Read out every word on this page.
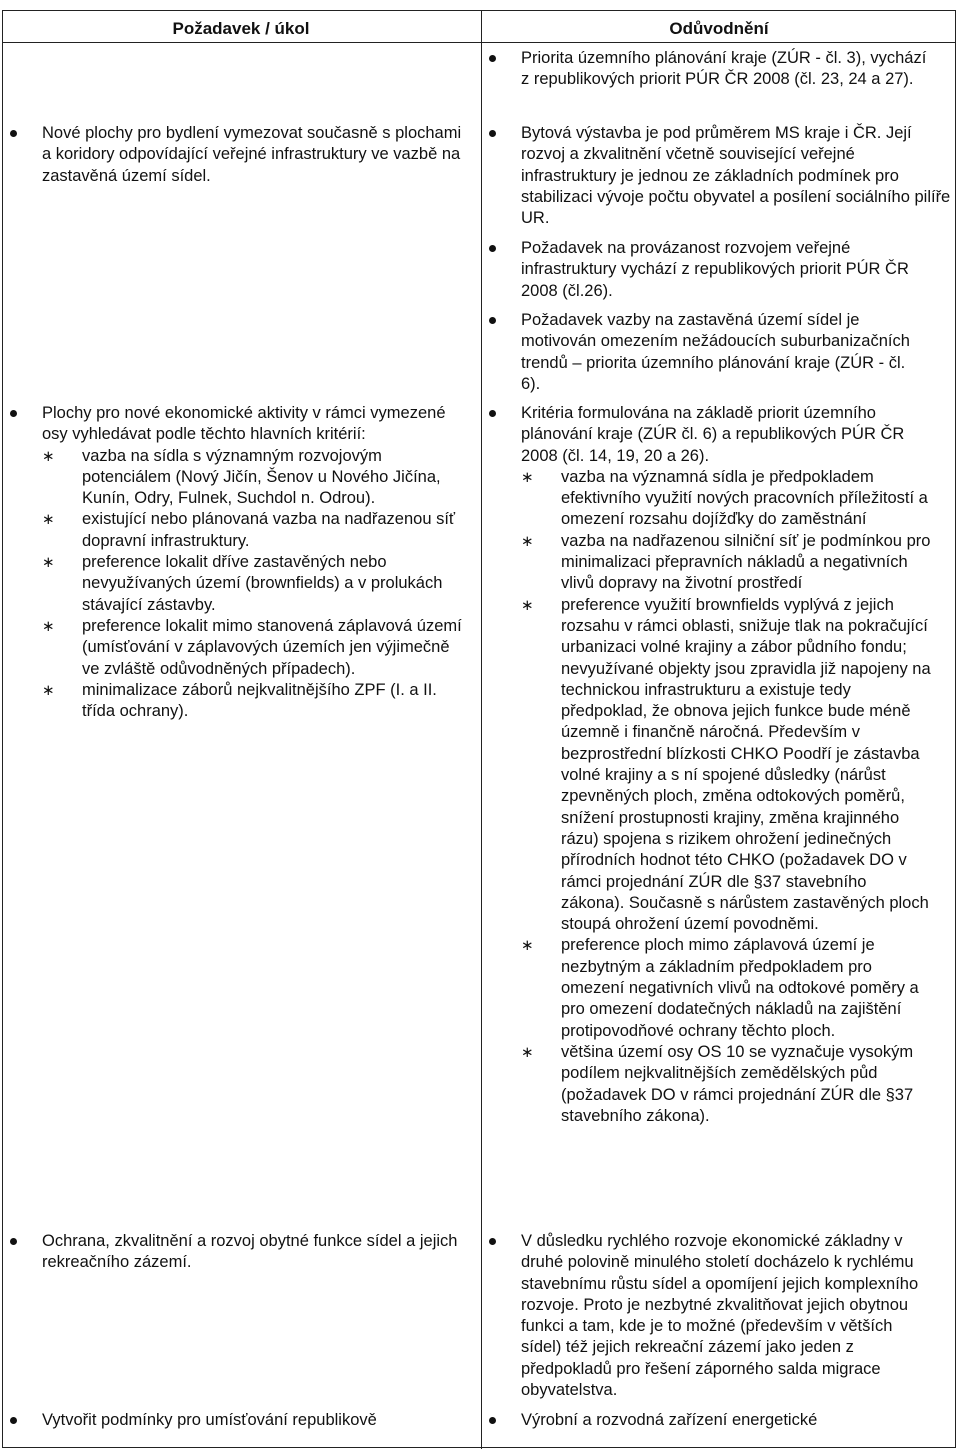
Požadavek / úkol	Odůvodnění
Priorita územního plánování kraje (ZÚR - čl. 3), vychází z republikových priorit PÚR ČR 2008 (čl. 23, 24 a 27).
Nové plochy pro bydlení vymezovat současně s plochami a koridory odpovídající veřejné infrastruktury ve vazbě na zastavěná území sídel.
Bytová výstavba je pod průměrem MS kraje i ČR. Její rozvoj a zkvalitnění včetně související veřejné infrastruktury je jednou ze základních podmínek pro stabilizaci vývoje počtu obyvatel a posílení sociálního pilíře UR.
Požadavek na provázanost rozvojem veřejné infrastruktury vychází z republikových priorit PÚR ČR 2008 (čl.26).
Požadavek vazby na zastavěná území sídel je motivován omezením nežádoucích suburbanizačních trendů – priorita územního plánování kraje (ZÚR - čl. 6).
Plochy pro nové ekonomické aktivity v rámci vymezené osy vyhledávat podle těchto hlavních kritérií:
∗ vazba na sídla s významným rozvojovým potenciálem (Nový Jičín, Šenov u Nového Jičína, Kunín, Odry, Fulnek, Suchdol n. Odrou).
∗ existující nebo plánovaná vazba na nadřazenou síť dopravní infrastruktury.
∗ preference lokalit dříve zastavěných nebo nevyužívaných území (brownfields) a v prolukách stávající zástavby.
∗ preference lokalit mimo stanovená záplavová území (umísťování v záplavových územích jen výjimečně ve zvláště odůvodněných případech).
∗ minimalizace záborů nejkvalitnějšího ZPF (I. a II. třída ochrany).
Kritéria formulována na základě priorit územního plánování kraje (ZÚR čl. 6) a republikových PÚR ČR 2008 (čl. 14, 19, 20 a 26).
∗ vazba na významná sídla je předpokladem efektivního využití nových pracovních příležitostí a omezení rozsahu dojížďky do zaměstnání
∗ vazba na nadřazenou silniční síť je podmínkou pro minimalizaci přepravních nákladů a negativních vlivů dopravy na životní prostředí
∗ preference využití brownfields vyplývá z jejich rozsahu v rámci oblasti, snižuje tlak na pokračující urbanizaci volné krajiny a zábor půdního fondu; nevyužívané objekty jsou zpravidla již napojeny na technickou infrastrukturu a existuje tedy předpoklad, že obnova jejich funkce bude méně územně i finančně náročná. Především v bezprostřední blízkosti CHKO Poodří je zástavba volné krajiny a s ní spojené důsledky (nárůst zpevněných ploch, změna odtokových poměrů, snížení prostupnosti krajiny, změna krajinného rázu) spojena s rizikem ohrožení jedinečných přírodních hodnot této CHKO (požadavek DO v rámci projednání ZÚR dle §37 stavebního zákona). Současně s nárůstem zastavěných ploch stoupá ohrožení území povodněmi.
∗ preference ploch mimo záplavová území je nezbytným a základním předpokladem pro omezení negativních vlivů na odtokové poměry a pro omezení dodatečných nákladů na zajištění protipovodňové ochrany těchto ploch.
∗ většina území osy OS 10 se vyznačuje vysokým podílem nejkvalitnějších zemědělských půd (požadavek DO v rámci projednání ZÚR dle §37 stavebního zákona).
Ochrana, zkvalitnění a rozvoj obytné funkce sídel a jejich rekreačního zázemí.
V důsledku rychlého rozvoje ekonomické základny v druhé polovině minulého století docházelo k rychlému stavebnímu růstu sídel a opomíjení jejich komplexního rozvoje. Proto je nezbytné zkvalitňovat jejich obytnou funkci a tam, kde je to možné (především v větších sídel) též jejich rekreační zázemí jako jeden z předpokladů pro řešení záporného salda migrace obyvatelstva.
Vytvořit podmínky pro umísťování republikově	Výrobní a rozvodná zařízení energetické
